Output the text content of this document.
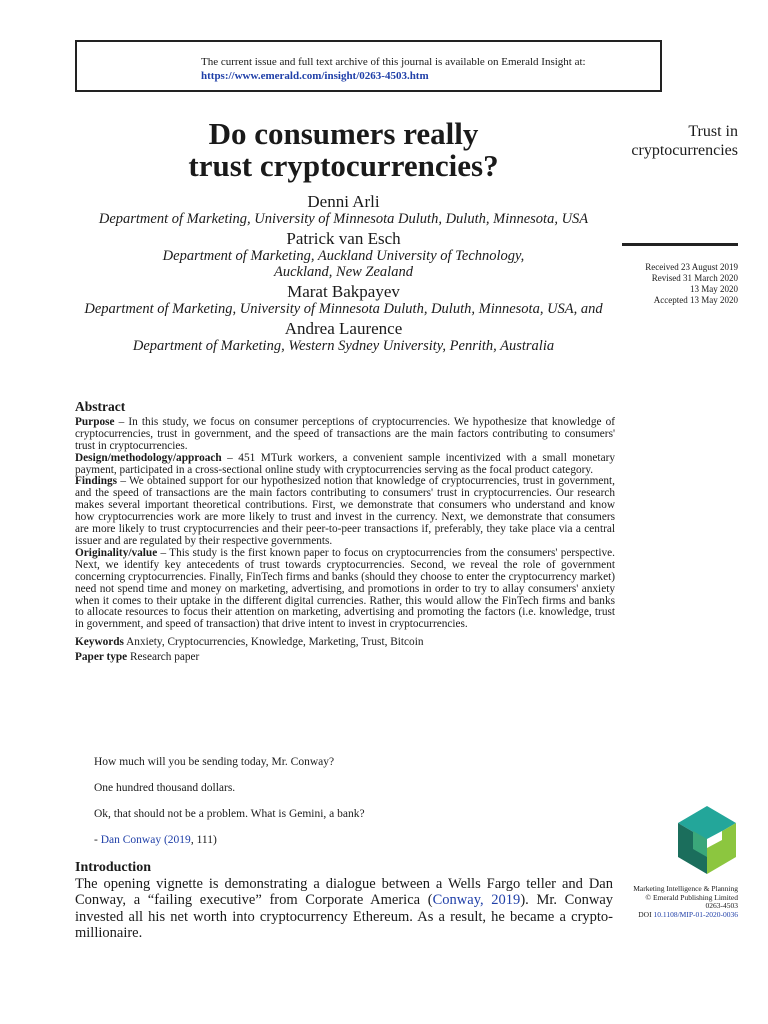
The current issue and full text archive of this journal is available on Emerald Insight at:
https://www.emerald.com/insight/0263-4503.htm
Do consumers really
trust cryptocurrencies?
Trust in
cryptocurrencies
Received 23 August 2019
Revised 31 March 2020
13 May 2020
Accepted 13 May 2020

Denni Arli

Department of Marketing, University of Minnesota Duluth, Duluth, Minnesota, USA

Patrick van Esch

Department of Marketing, Auckland University of Technology, Auckland, New Zealand

Marat Bakpayev

Department of Marketing, University of Minnesota Duluth, Duluth, Minnesota, USA, and

Andrea Laurence

Department of Marketing, Western Sydney University, Penrith, Australia

Abstract

Purpose – In this study, we focus on consumer perceptions of cryptocurrencies. We hypothesize that knowledge of cryptocurrencies, trust in government, and the speed of transactions are the main factors contributing to consumers' trust in cryptocurrencies.

Design/methodology/approach – 451 MTurk workers, a convenient sample incentivized with a small monetary payment, participated in a cross-sectional online study with cryptocurrencies serving as the focal product category.

Findings – We obtained support for our hypothesized notion that knowledge of cryptocurrencies, trust in government, and the speed of transactions are the main factors contributing to consumers' trust in cryptocurrencies. Our research makes several important theoretical contributions. First, we demonstrate that consumers who understand and know how cryptocurrencies work are more likely to trust and invest in the currency. Next, we demonstrate that consumers are more likely to trust cryptocurrencies and their peer-to-peer transactions if, preferably, they take place via a central issuer and are regulated by their respective governments.

Originality/value – This study is the first known paper to focus on cryptocurrencies from the consumers' perspective. Next, we identify key antecedents of trust towards cryptocurrencies. Second, we reveal the role of government concerning cryptocurrencies. Finally, FinTech firms and banks (should they choose to enter the cryptocurrency market) need not spend time and money on marketing, advertising, and promotions in order to try to allay consumers' anxiety when it comes to their uptake in the different digital currencies. Rather, this would allow the FinTech firms and banks to allocate resources to focus their attention on marketing, advertising and promoting the factors (i.e. knowledge, trust in government, and speed of transaction) that drive intent to invest in cryptocurrencies.

Keywords Anxiety, Cryptocurrencies, Knowledge, Marketing, Trust, Bitcoin

Paper type Research paper

How much will you be sending today, Mr. Conway?

One hundred thousand dollars.

Ok, that should not be a problem. What is Gemini, a bank?

- Dan Conway (2019, 111)

Introduction

The opening vignette is demonstrating a dialogue between a Wells Fargo teller and Dan Conway, a “failing executive” from Corporate America (Conway, 2019). Mr. Conway invested all his net worth into cryptocurrency Ethereum. As a result, he became a crypto-millionaire.

Marketing Intelligence & Planning
© Emerald Publishing Limited
0263-4503
DOI 10.1108/MIP-01-2020-0036
